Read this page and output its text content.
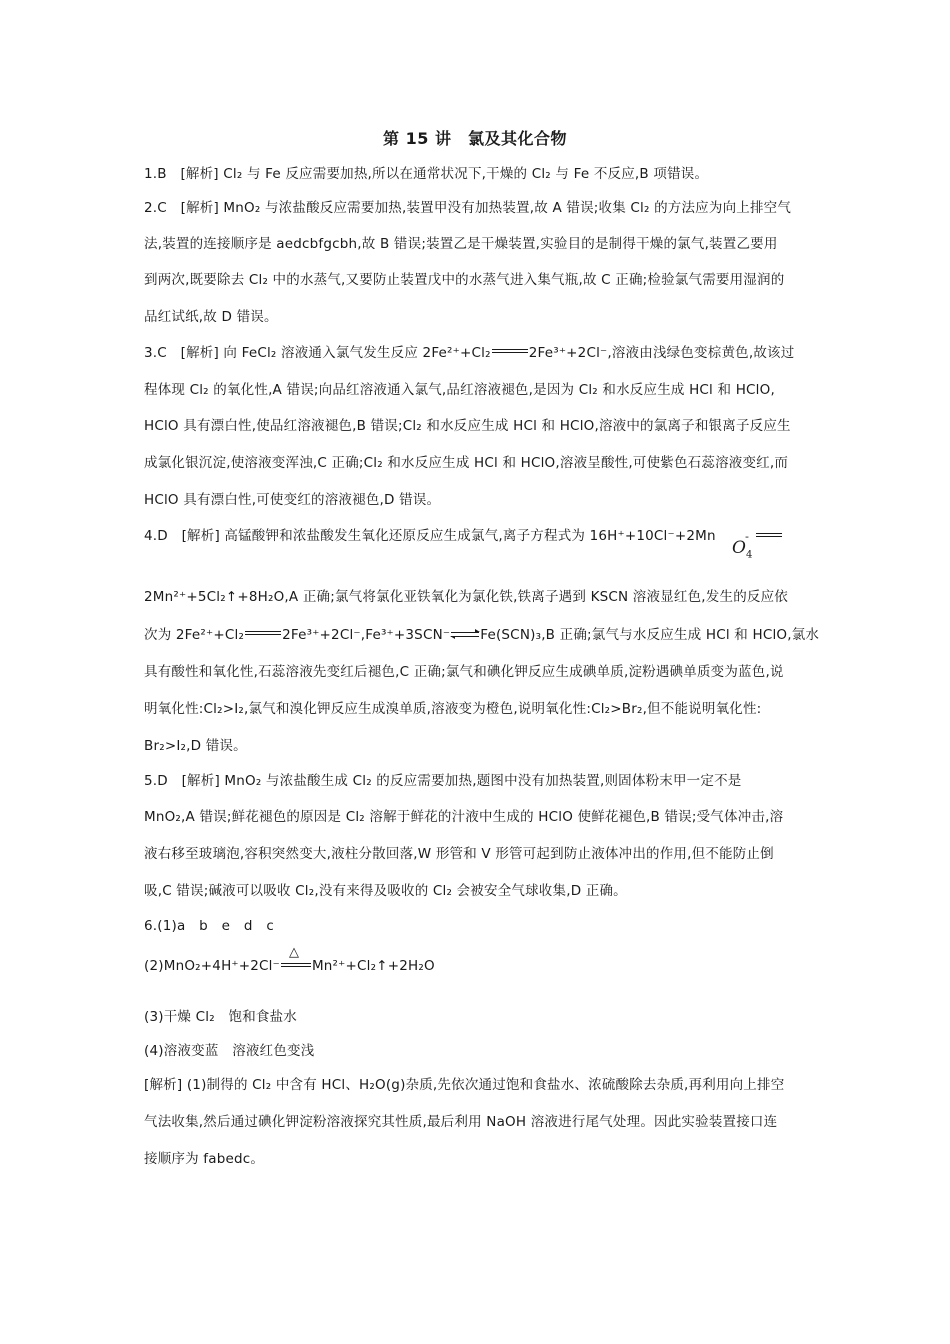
第 15 讲　氯及其化合物
1.B　[解析] Cl₂ 与 Fe 反应需要加热,所以在通常状况下,干燥的 Cl₂ 与 Fe 不反应,B 项错误。
2.C　[解析] MnO₂ 与浓盐酸反应需要加热,装置甲没有加热装置,故 A 错误;收集 Cl₂ 的方法应为向上排空气
法,装置的连接顺序是 aedcbfgcbh,故 B 错误;装置乙是干燥装置,实验目的是制得干燥的氯气,装置乙要用
到两次,既要除去 Cl₂ 中的水蒸气,又要防止装置戊中的水蒸气进入集气瓶,故 C 正确;检验氯气需要用湿润的
品红试纸,故 D 错误。
3.C　[解析] 向 FeCl₂ 溶液通入氯气发生反应 2Fe²⁺+Cl₂	2Fe³⁺+2Cl⁻,溶液由浅绿色变棕黄色,故该过
程体现 Cl₂ 的氧化性,A 错误;向品红溶液通入氯气,品红溶液褪色,是因为 Cl₂ 和水反应生成 HCl 和 HClO,
HClO 具有漂白性,使品红溶液褪色,B 错误;Cl₂ 和水反应生成 HCl 和 HClO,溶液中的氯离子和银离子反应生
成氯化银沉淀,使溶液变浑浊,C 正确;Cl₂ 和水反应生成 HCl 和 HClO,溶液呈酸性,可使紫色石蕊溶液变红,而
HClO 具有漂白性,可使变红的溶液褪色,D 错误。
4.D　[解析] 高锰酸钾和浓盐酸发生氧化还原反应生成氯气,离子方程式为 16H⁺+10Cl⁻+2Mn
$O_4$
-
2Mn²⁺+5Cl₂↑+8H₂O,A 正确;氯气将氯化亚铁氧化为氯化铁,铁离子遇到 KSCN 溶液显红色,发生的反应依
次为 2Fe²⁺+Cl₂	2Fe³⁺+2Cl⁻,Fe³⁺+3SCN⁻⇌Fe(SCN)₃,B 正确;氯气与水反应生成 HCl 和 HClO,氯水
具有酸性和氧化性,石蕊溶液先变红后褪色,C 正确;氯气和碘化钾反应生成碘单质,淀粉遇碘单质变为蓝色,说
明氧化性:Cl₂>I₂,氯气和溴化钾反应生成溴单质,溶液变为橙色,说明氧化性:Cl₂>Br₂,但不能说明氧化性:
Br₂>I₂,D 错误。
5.D　[解析] MnO₂ 与浓盐酸生成 Cl₂ 的反应需要加热,题图中没有加热装置,则固体粉末甲一定不是
MnO₂,A 错误;鲜花褪色的原因是 Cl₂ 溶解于鲜花的汁液中生成的 HClO 使鲜花褪色,B 错误;受气体冲击,溶
液右移至玻璃泡,容积突然变大,液柱分散回落,W 形管和 V 形管可起到防止液体冲出的作用,但不能防止倒
吸,C 错误;碱液可以吸收 Cl₂,没有来得及吸收的 Cl₂ 会被安全气球收集,D 正确。
6.(1)a　b　e　d　c
(2)MnO₂+4H⁺+2Cl⁻
△
Mn²⁺+Cl₂↑+2H₂O
(3)干燥 Cl₂　饱和食盐水
(4)溶液变蓝　溶液红色变浅
[解析] (1)制得的 Cl₂ 中含有 HCl、H₂O(g)杂质,先依次通过饱和食盐水、浓硫酸除去杂质,再利用向上排空
气法收集,然后通过碘化钾淀粉溶液探究其性质,最后利用 NaOH 溶液进行尾气处理。因此实验装置接口连
接顺序为 fabedc。
